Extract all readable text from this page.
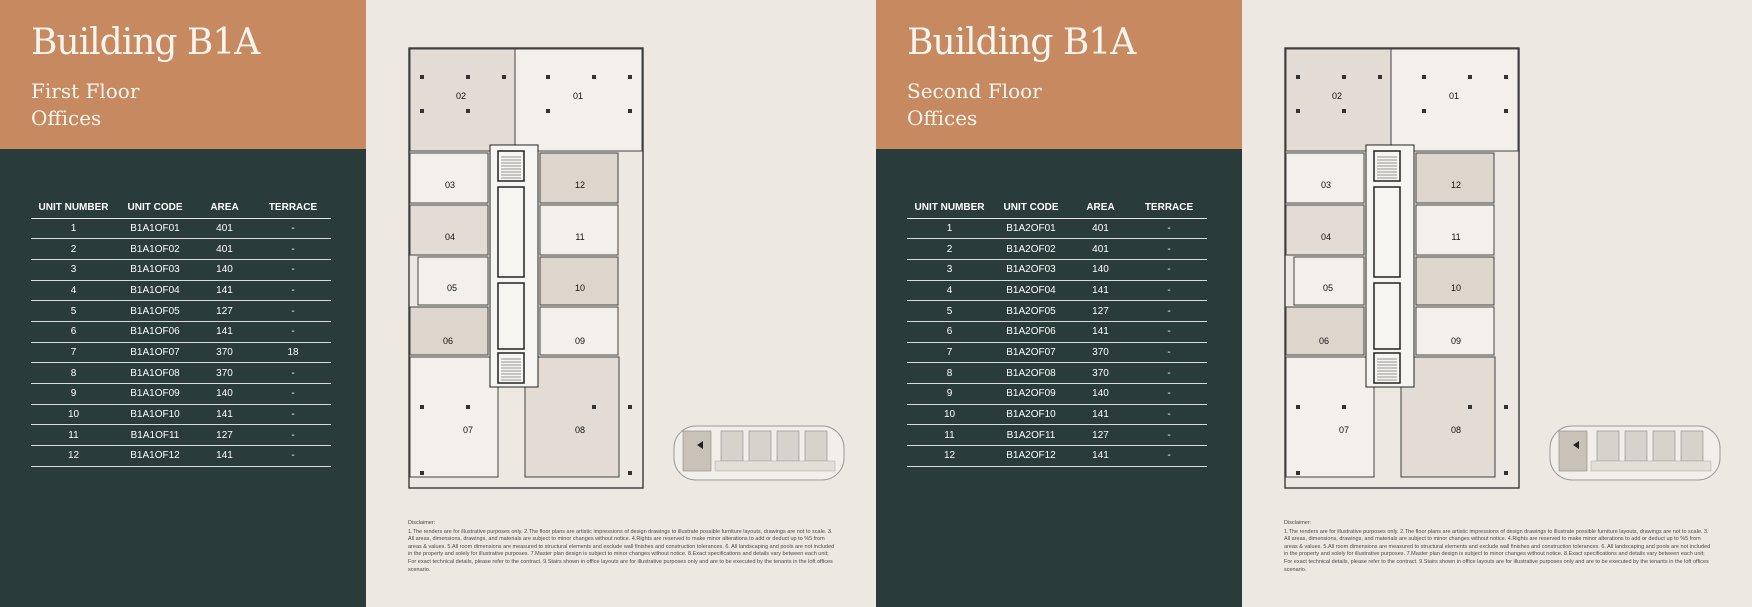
Building B1A
First Floor
Offices
UNIT NUMBER	UNIT CODE	AREA	TERRACE
1	B1A1OF01	401	-
2	B1A1OF02	401	-
3	B1A1OF03	140	-
4	B1A1OF04	141	-
5	B1A1OF05	127	-
6	B1A1OF06	141	-
7	B1A1OF07	370	18
8	B1A1OF08	370	-
9	B1A1OF09	140	-
10	B1A1OF10	141	-
11	B1A1OF11	127	-
12	B1A1OF12	141	-
02	01
03	12
04	11
05	10
06	09
07	08
Disclaimer:
1.The renders are for illustrative purposes only. 2.The floor plans are artistic impressions of design drawings to illustrate possible furniture layouts, drawings are not to scale. 3. All areas, dimensions, drawings, and materials are subject to minor changes without notice. 4.Rights are reserved to make minor alterations to add or deduct up to %5 from areas & values. 5.All room dimensions are measured to structural elements and exclude wall finishes and construction tolerances. 6. All landscaping and pools are not included in the property and solely for illustrative purposes. 7.Master plan design is subject to minor changes without notice. 8.Exact specifications and details vary between each unit; For exact technical details, please refer to the contract. 9.Stairs shown in office layouts are for illustrative purposes only and are to be executed by the tenants in the loft offices scenario.
Building B1A
Second Floor
Offices
UNIT NUMBER	UNIT CODE	AREA	TERRACE
1	B1A2OF01	401	-
2	B1A2OF02	401	-
3	B1A2OF03	140	-
4	B1A2OF04	141	-
5	B1A2OF05	127	-
6	B1A2OF06	141	-
7	B1A2OF07	370	-
8	B1A2OF08	370	-
9	B1A2OF09	140	-
10	B1A2OF10	141	-
11	B1A2OF11	127	-
12	B1A2OF12	141	-
02	01
03	12
04	11
05	10
06	09
07	08
Disclaimer:
1.The renders are for illustrative purposes only. 2.The floor plans are artistic impressions of design drawings to illustrate possible furniture layouts, drawings are not to scale. 3. All areas, dimensions, drawings, and materials are subject to minor changes without notice. 4.Rights are reserved to make minor alterations to add or deduct up to %5 from areas & values. 5.All room dimensions are measured to structural elements and exclude wall finishes and construction tolerances. 6. All landscaping and pools are not included in the property and solely for illustrative purposes. 7.Master plan design is subject to minor changes without notice. 8.Exact specifications and details vary between each unit; For exact technical details, please refer to the contract. 9.Stairs shown in office layouts are for illustrative purposes only and are to be executed by the tenants in the loft offices scenario.
